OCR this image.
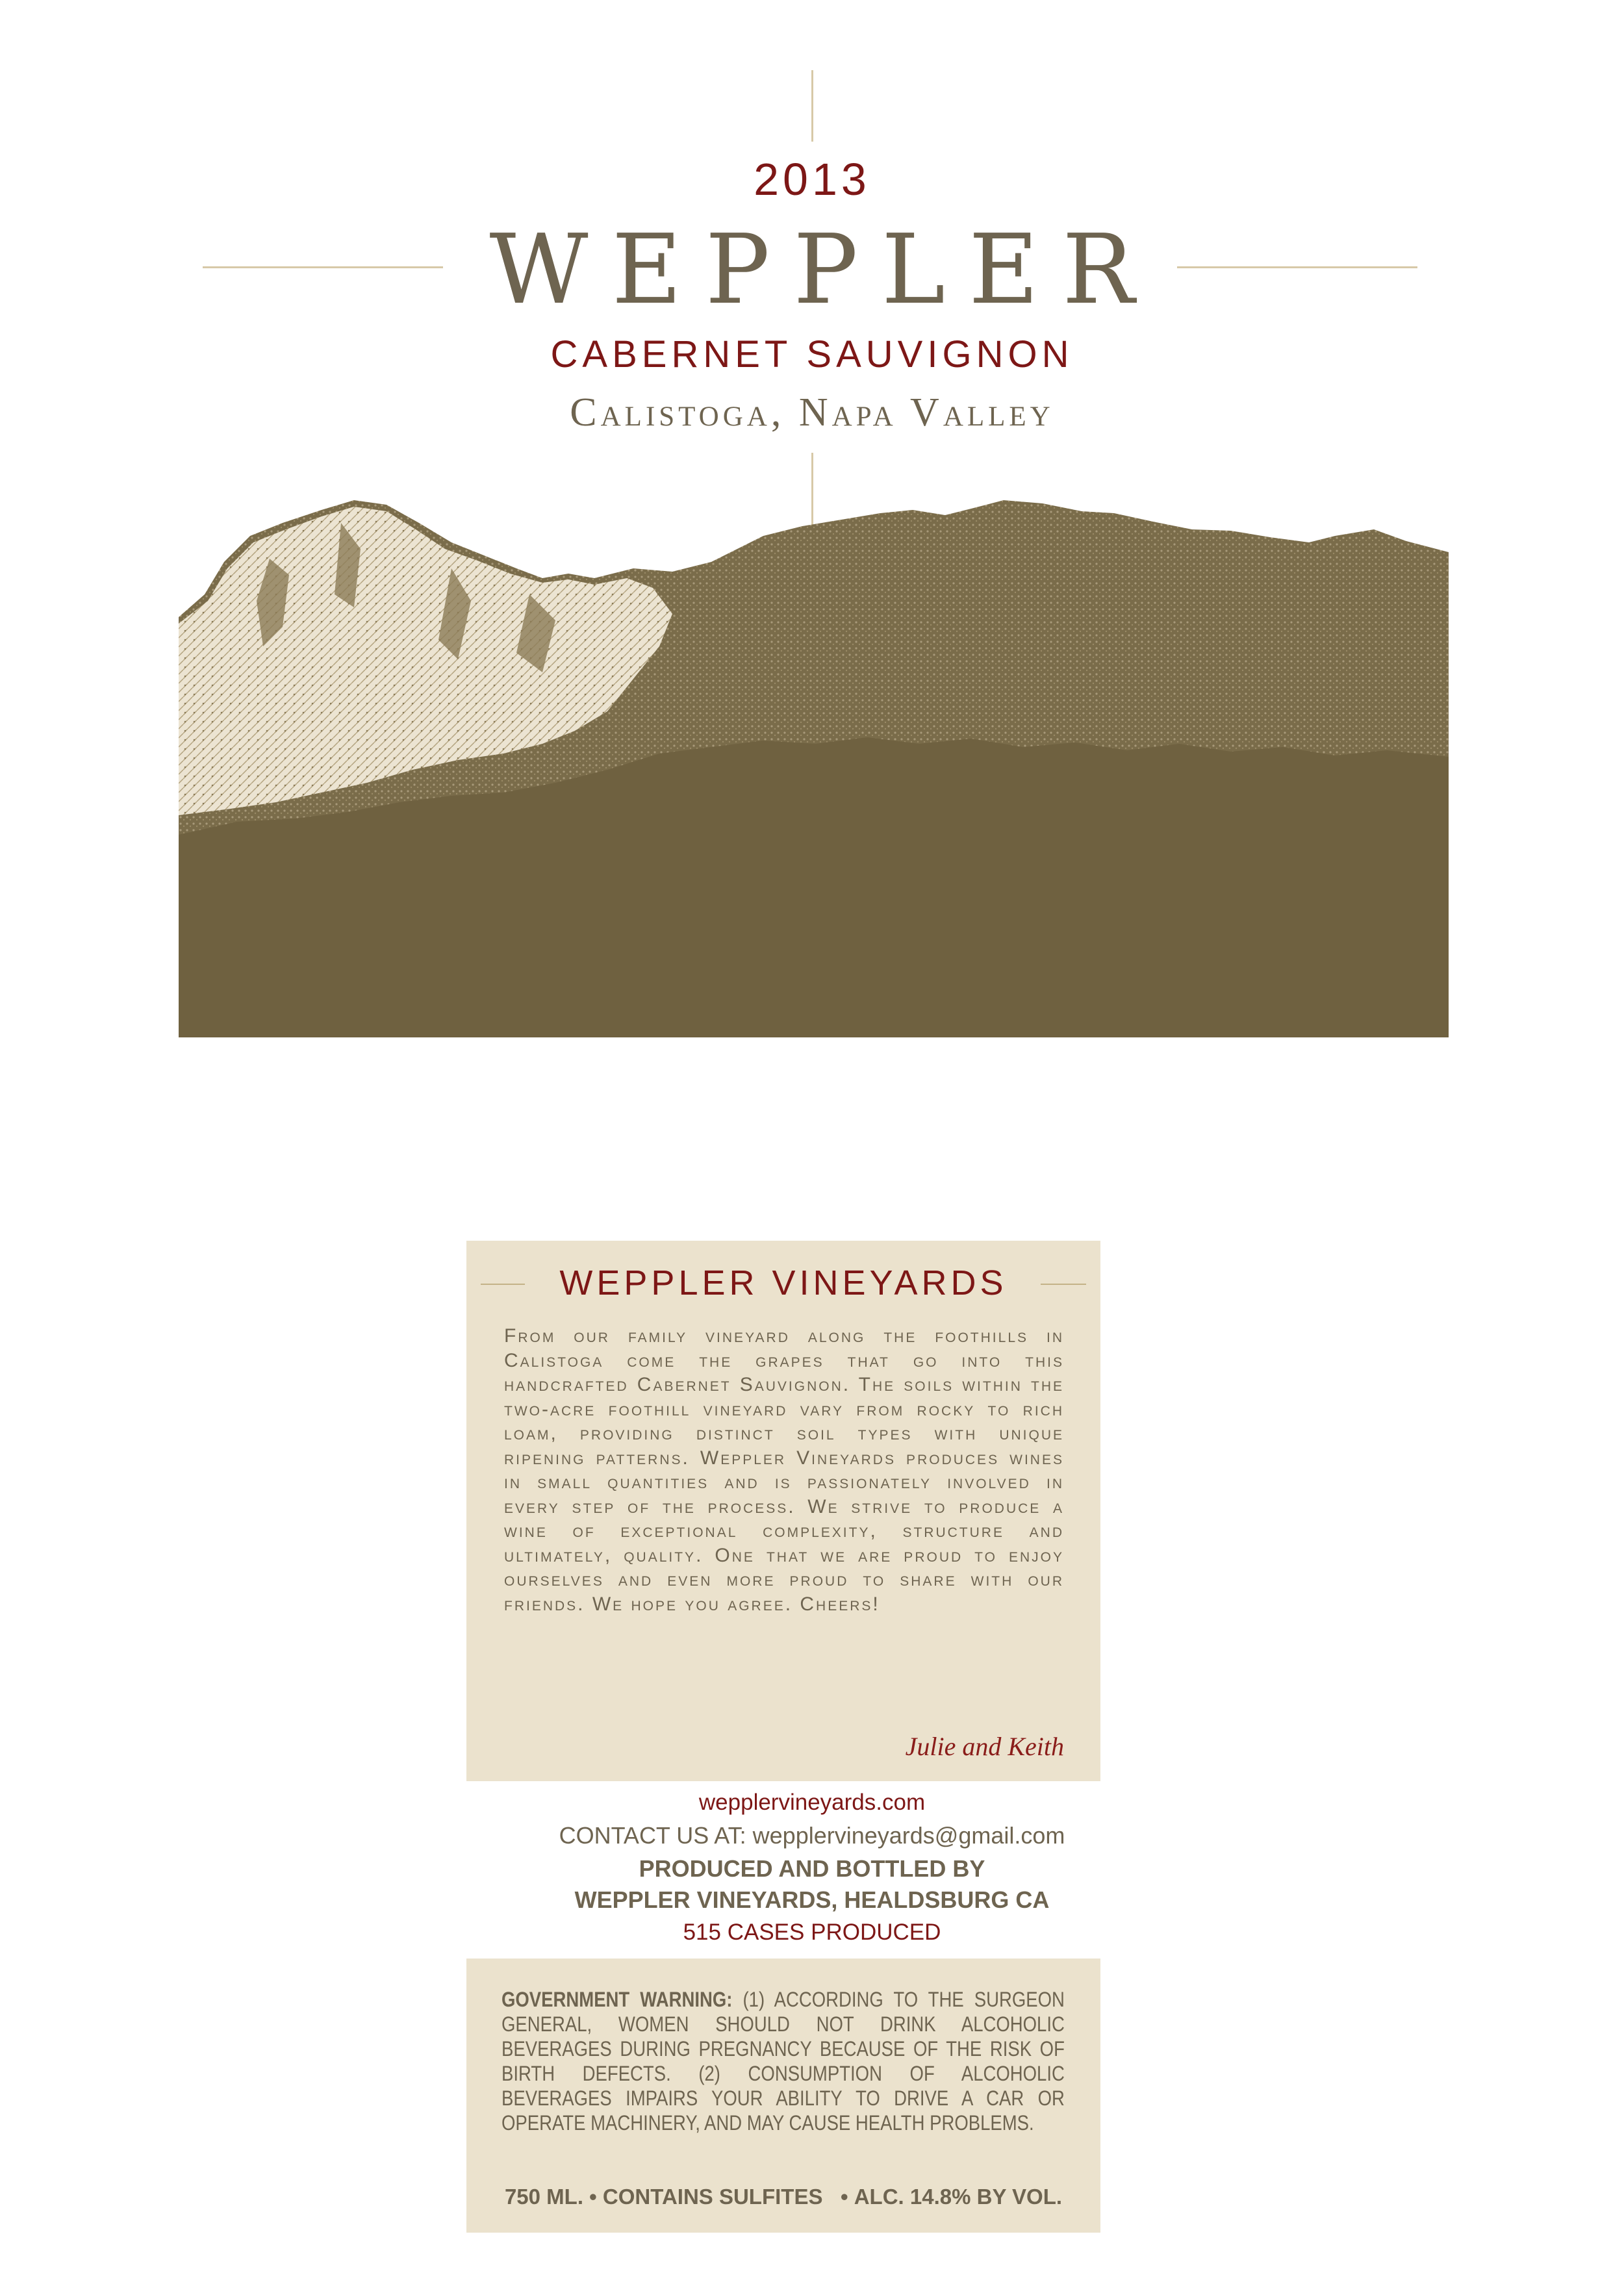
2013
WEPPLER
CABERNET SAUVIGNON
Calistoga, Napa Valley
WEPPLER VINEYARDS

From our family vineyard along the foothills in Calistoga come the grapes that go into this handcrafted Cabernet Sauvignon. The soils within the two-acre foothill vineyard vary from rocky to rich loam, providing distinct soil types with unique ripening patterns. Weppler Vineyards produces wines in small quantities and is passionately involved in every step of the process. We strive to produce a wine of exceptional complexity, structure and ultimately, quality. One that we are proud to enjoy ourselves and even more proud to share with our friends. We hope you agree. Cheers!

Julie and Keith
wepplervineyards.com
CONTACT US AT: wepplervineyards@gmail.com
PRODUCED AND BOTTLED BY
WEPPLER VINEYARDS, HEALDSBURG CA
515 CASES PRODUCED

GOVERNMENT WARNING: (1) ACCORDING TO THE SURGEON GENERAL, WOMEN SHOULD NOT DRINK ALCOHOLIC BEVERAGES DURING PREGNANCY BECAUSE OF THE RISK OF BIRTH DEFECTS. (2) CONSUMPTION OF ALCOHOLIC BEVERAGES IMPAIRS YOUR ABILITY TO DRIVE A CAR OR OPERATE MACHINERY, AND MAY CAUSE HEALTH PROBLEMS.

750 ML. • CONTAINS SULFITES • ALC. 14.8% BY VOL.
